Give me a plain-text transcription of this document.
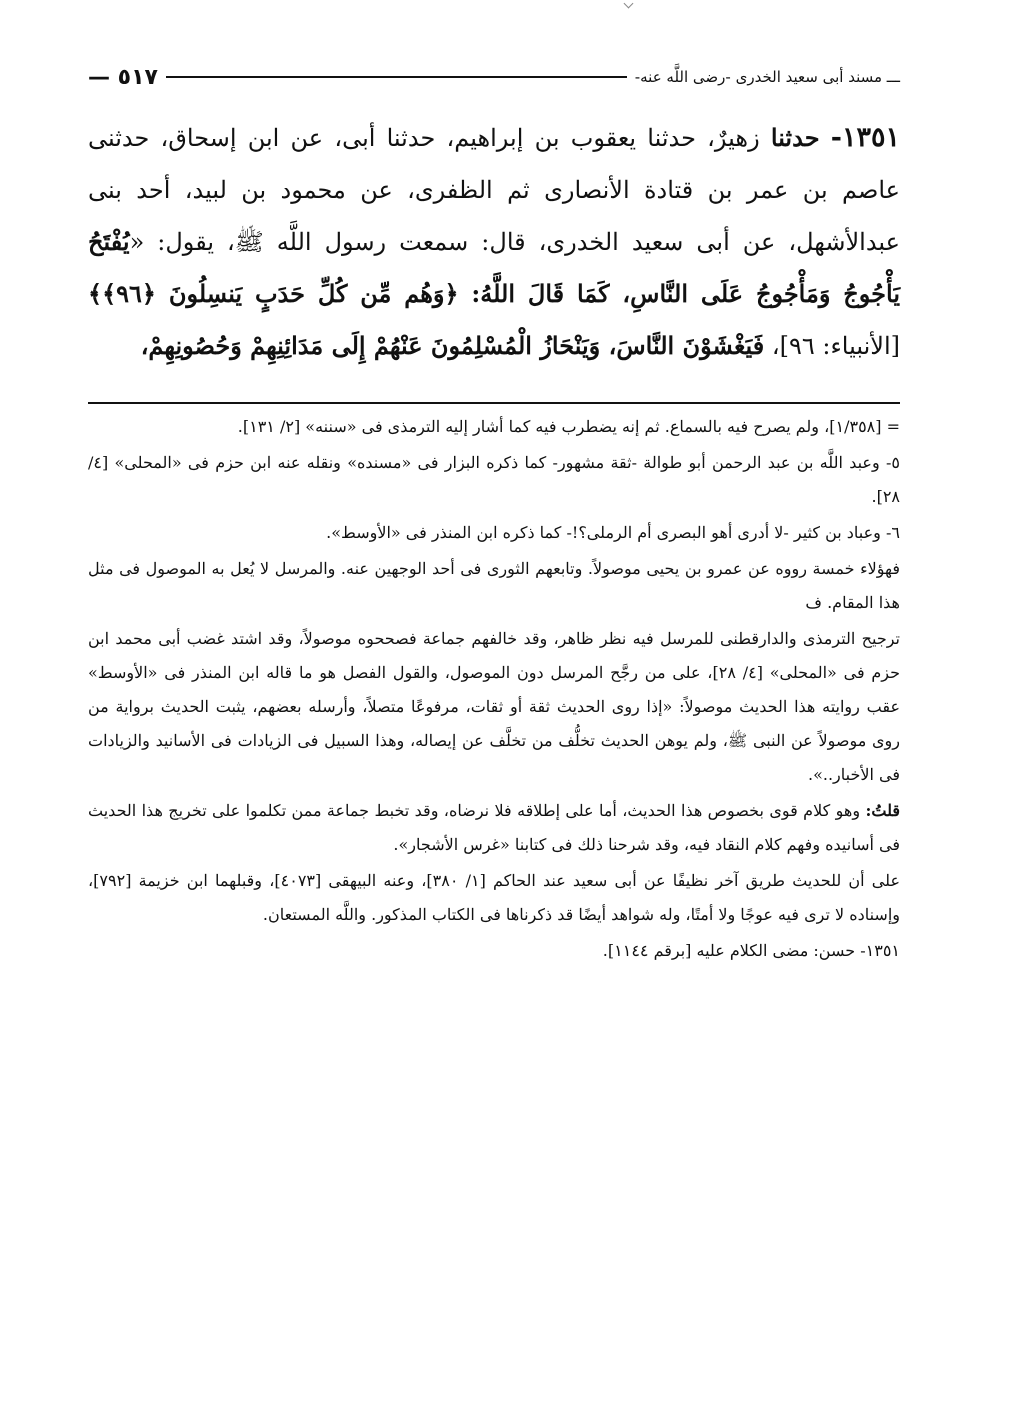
ـــ مسند أبى سعيد الخدرى -رضى اللَّه عنه-
٥١٧ —

١٣٥١- حدثنا زهيرٌ، حدثنا يعقوب بن إبراهيم، حدثنا أبى، عن ابن إسحاق، حدثنى عاصم بن عمر بن قتادة الأنصارى ثم الظفرى، عن محمود بن لبيد، أحد بنى عبدالأشهل، عن أبى سعيد الخدرى، قال: سمعت رسول اللَّه ﷺ، يقول: «يُفْتَحُ يَأْجُوجُ وَمَأْجُوجُ عَلَى النَّاسِ، كَمَا قَالَ اللَّهُ: ﴿وَهُم مِّن كُلِّ حَدَبٍ يَنسِلُونَ ﴿٩٦﴾﴾ [الأنبياء: ٩٦]، فَيَغْشَوْنَ النَّاسَ، وَيَنْحَازُ الْمُسْلِمُونَ عَنْهُمْ إِلَى مَدَائِنِهِمْ وَحُصُونِهِمْ،

= [١/٣٥٨]، ولم يصرح فيه بالسماع. ثم إنه يضطرب فيه كما أشار إليه الترمذى فى «سننه» [٢/ ١٣١].

٥- وعبد اللَّه بن عبد الرحمن أبو طوالة -ثقة مشهور- كما ذكره البزار فى «مسنده» ونقله عنه ابن حزم فى «المحلى» [٤/ ٢٨].

٦- وعباد بن كثير -لا أدرى أهو البصرى أم الرملى؟!- كما ذكره ابن المنذر فى «الأوسط».

فهؤلاء خمسة رووه عن عمرو بن يحيى موصولاً. وتابعهم الثورى فى أحد الوجهين عنه. والمرسل لا يُعل به الموصول فى مثل هذا المقام. ف

ترجيح الترمذى والدارقطنى للمرسل فيه نظر ظاهر، وقد خالفهم جماعة فصححوه موصولاً، وقد اشتد غضب أبى محمد ابن حزم فى «المحلى» [٤/ ٢٨]، على من رجَّح المرسل دون الموصول، والقول الفصل هو ما قاله ابن المنذر فى «الأوسط» عقب روايته هذا الحديث موصولاً: «إذا روى الحديث ثقة أو ثقات، مرفوعًا متصلاً، وأرسله بعضهم، يثبت الحديث برواية من روى موصولاً عن النبى ﷺ، ولم يوهن الحديث تخلُّف من تخلَّف عن إيصاله، وهذا السبيل فى الزيادات فى الأسانيد والزيادات فى الأخبار..».

قلتُ: وهو كلام قوى بخصوص هذا الحديث، أما على إطلاقه فلا نرضاه، وقد تخبط جماعة ممن تكلموا على تخريج هذا الحديث فى أسانيده وفهم كلام النقاد فيه، وقد شرحنا ذلك فى كتابنا «غرس الأشجار».

على أن للحديث طريق آخر نظيفًا عن أبى سعيد عند الحاكم [١/ ٣٨٠]، وعنه البيهقى [٤٠٧٣]، وقبلهما ابن خزيمة [٧٩٢]، وإسناده لا ترى فيه عوجًا ولا أمتًا، وله شواهد أيضًا قد ذكرناها فى الكتاب المذكور. واللَّه المستعان.

١٣٥١- حسن: مضى الكلام عليه [برقم ١١٤٤].
